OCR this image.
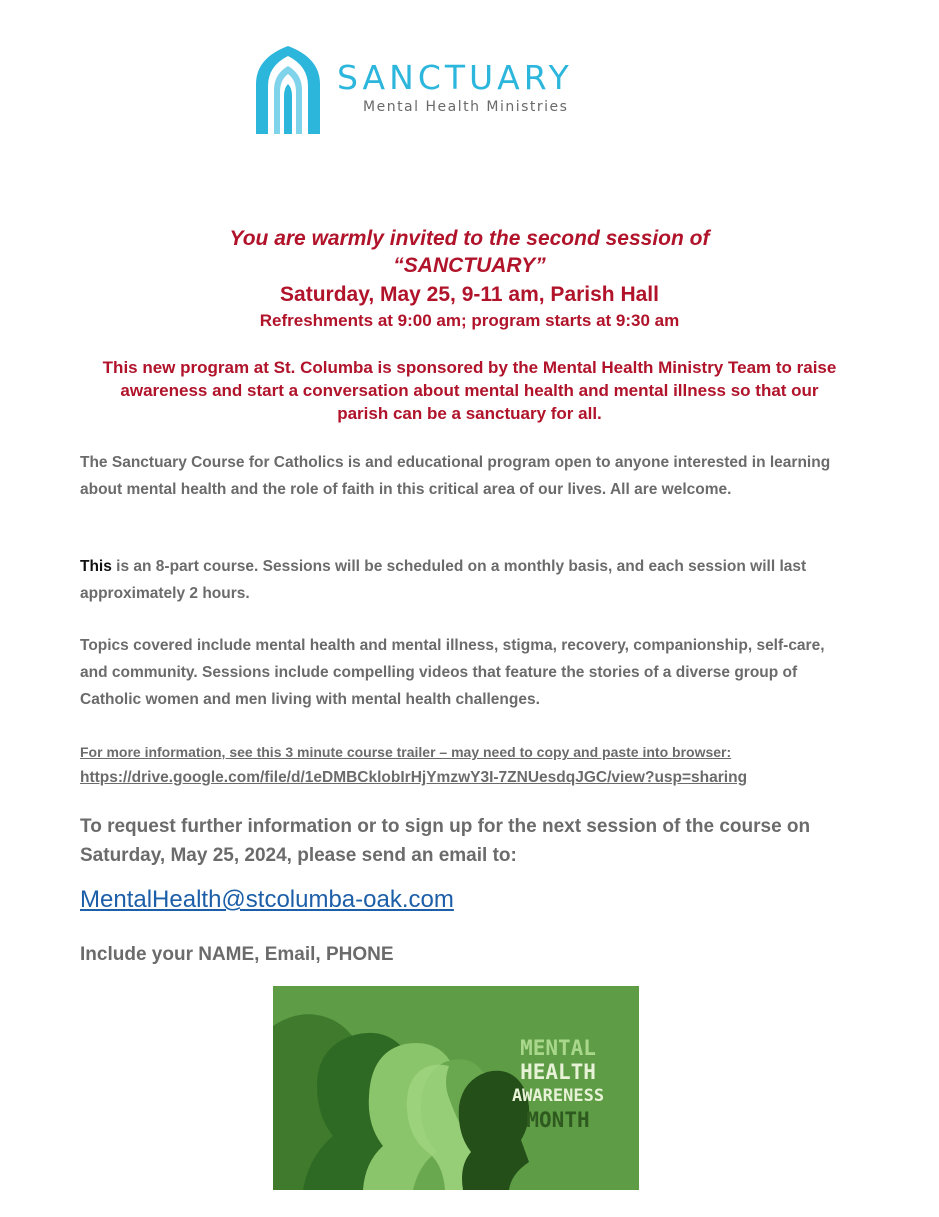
SANCTUARY
Mental Health Ministries

You are warmly invited to the second session of

“SANCTUARY”

Saturday, May 25, 9-11 am, Parish Hall

Refreshments at 9:00 am; program starts at 9:30 am

This new program at St. Columba is sponsored by the Mental Health Ministry Team to raise awareness and start a conversation about mental health and mental illness so that our parish can be a sanctuary for all.

The Sanctuary Course for Catholics is and educational program open to anyone interested in learning about mental health and the role of faith in this critical area of our lives. All are welcome.

This is an 8-part course. Sessions will be scheduled on a monthly basis, and each session will last approximately 2 hours.

Topics covered include mental health and mental illness, stigma, recovery, companionship, self-care, and community. Sessions include compelling videos that feature the stories of a diverse group of Catholic women and men living with mental health challenges.

For more information, see this 3 minute course trailer – may need to copy and paste into browser:

https://drive.google.com/file/d/1eDMBCklobIrHjYmzwY3I-7ZNUesdqJGC/view?usp=sharing

To request further information or to sign up for the next session of the course on Saturday, May 25, 2024, please send an email to:

MentalHealth@stcolumba-oak.com

Include your NAME, Email, PHONE

MENTAL
HEALTH
AWARENESS
MONTH
